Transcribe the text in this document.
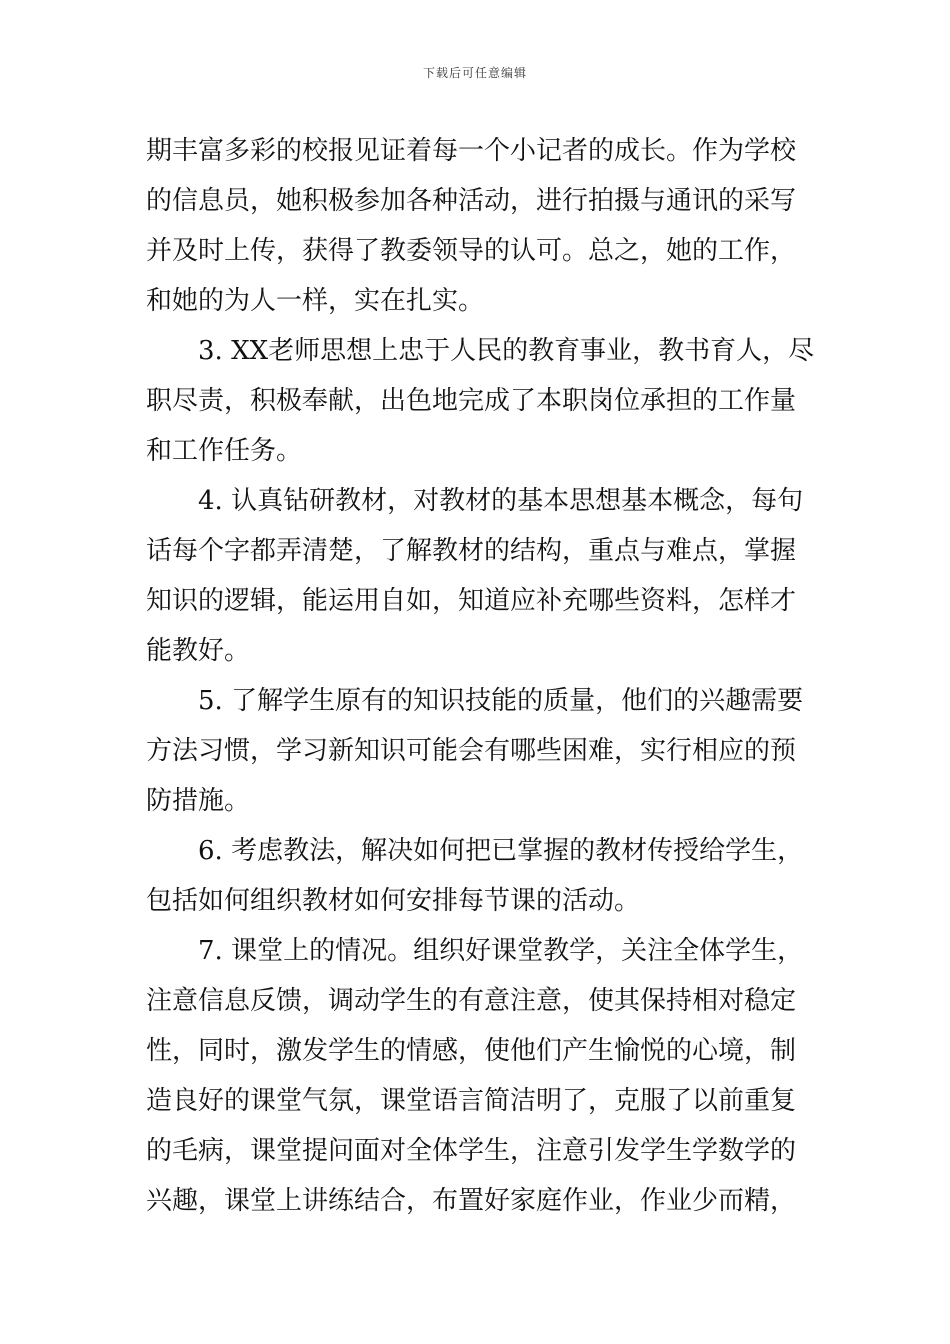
下载后可任意编辑
期丰富多彩的校报见证着每一个小记者的成长。作为学校
的信息员，她积极参加各种活动，进行拍摄与通讯的采写
并及时上传，获得了教委领导的认可。总之，她的工作，
和她的为人一样，实在扎实。
3. XX老师思想上忠于人民的教育事业，教书育人，尽
职尽责，积极奉献，出色地完成了本职岗位承担的工作量
和工作任务。
4. 认真钻研教材，对教材的基本思想基本概念，每句
话每个字都弄清楚，了解教材的结构，重点与难点，掌握
知识的逻辑，能运用自如，知道应补充哪些资料，怎样才
能教好。
5. 了解学生原有的知识技能的质量，他们的兴趣需要
方法习惯，学习新知识可能会有哪些困难，实行相应的预
防措施。
6. 考虑教法，解决如何把已掌握的教材传授给学生，
包括如何组织教材如何安排每节课的活动。
7. 课堂上的情况。组织好课堂教学，关注全体学生，
注意信息反馈，调动学生的有意注意，使其保持相对稳定
性，同时，激发学生的情感，使他们产生愉悦的心境，制
造良好的课堂气氛，课堂语言简洁明了，克服了以前重复
的毛病，课堂提问面对全体学生，注意引发学生学数学的
兴趣，课堂上讲练结合，布置好家庭作业，作业少而精，
